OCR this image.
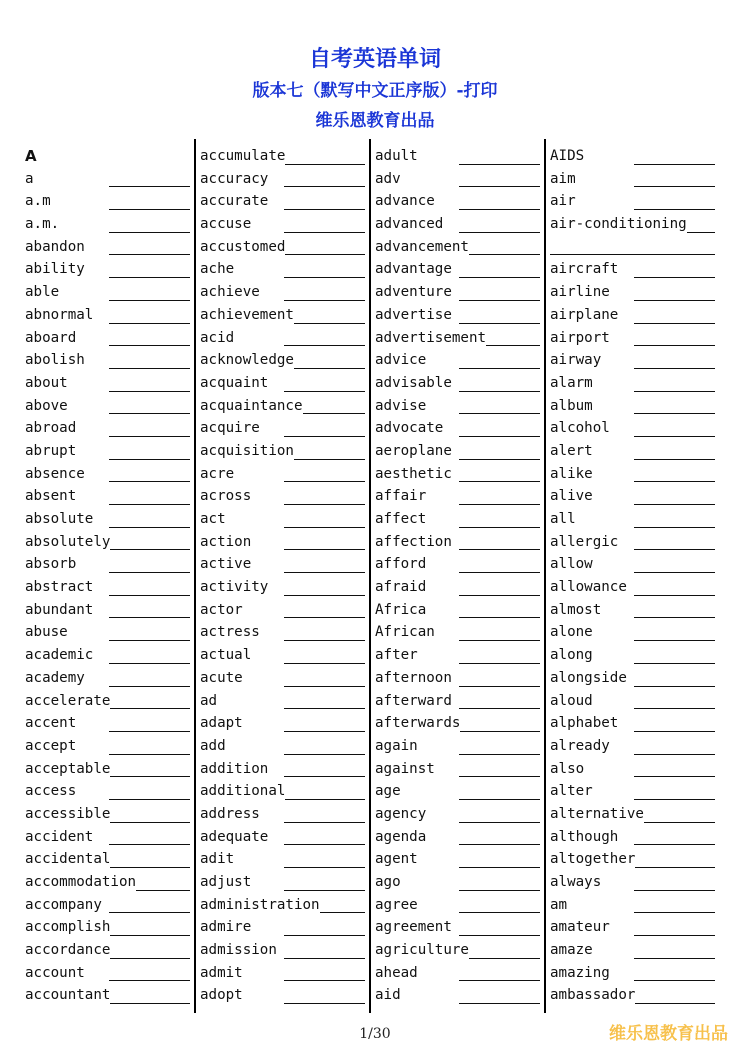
自考英语单词
版本七（默写中文正序版）-打印
维乐恩教育出品
A
a
a.m
a.m.
abandon
ability
able
abnormal
aboard
abolish
about
above
abroad
abrupt
absence
absent
absolute
absolutely
absorb
abstract
abundant
abuse
academic
academy
accelerate
accent
accept
acceptable
access
accessible
accident
accidental
accommodation
accompany
accomplish
accordance
account
accountant
accumulate
accuracy
accurate
accuse
accustomed
ache
achieve
achievement
acid
acknowledge
acquaint
acquaintance
acquire
acquisition
acre
across
act
action
active
activity
actor
actress
actual
acute
ad
adapt
add
addition
additional
address
adequate
adit
adjust
administration
admire
admission
admit
adopt
adult
adv
advance
advanced
advancement
advantage
adventure
advertise
advertisement
advice
advisable
advise
advocate
aeroplane
aesthetic
affair
affect
affection
afford
afraid
Africa
African
after
afternoon
afterward
afterwards
again
against
age
agency
agenda
agent
ago
agree
agreement
agriculture
ahead
aid
AIDS
aim
air
air-conditioning
aircraft
airline
airplane
airport
airway
alarm
album
alcohol
alert
alike
alive
all
allergic
allow
allowance
almost
alone
along
alongside
aloud
alphabet
already
also
alter
alternative
although
altogether
always
am
amateur
amaze
amazing
ambassador
1/30	维乐恩教育出品
